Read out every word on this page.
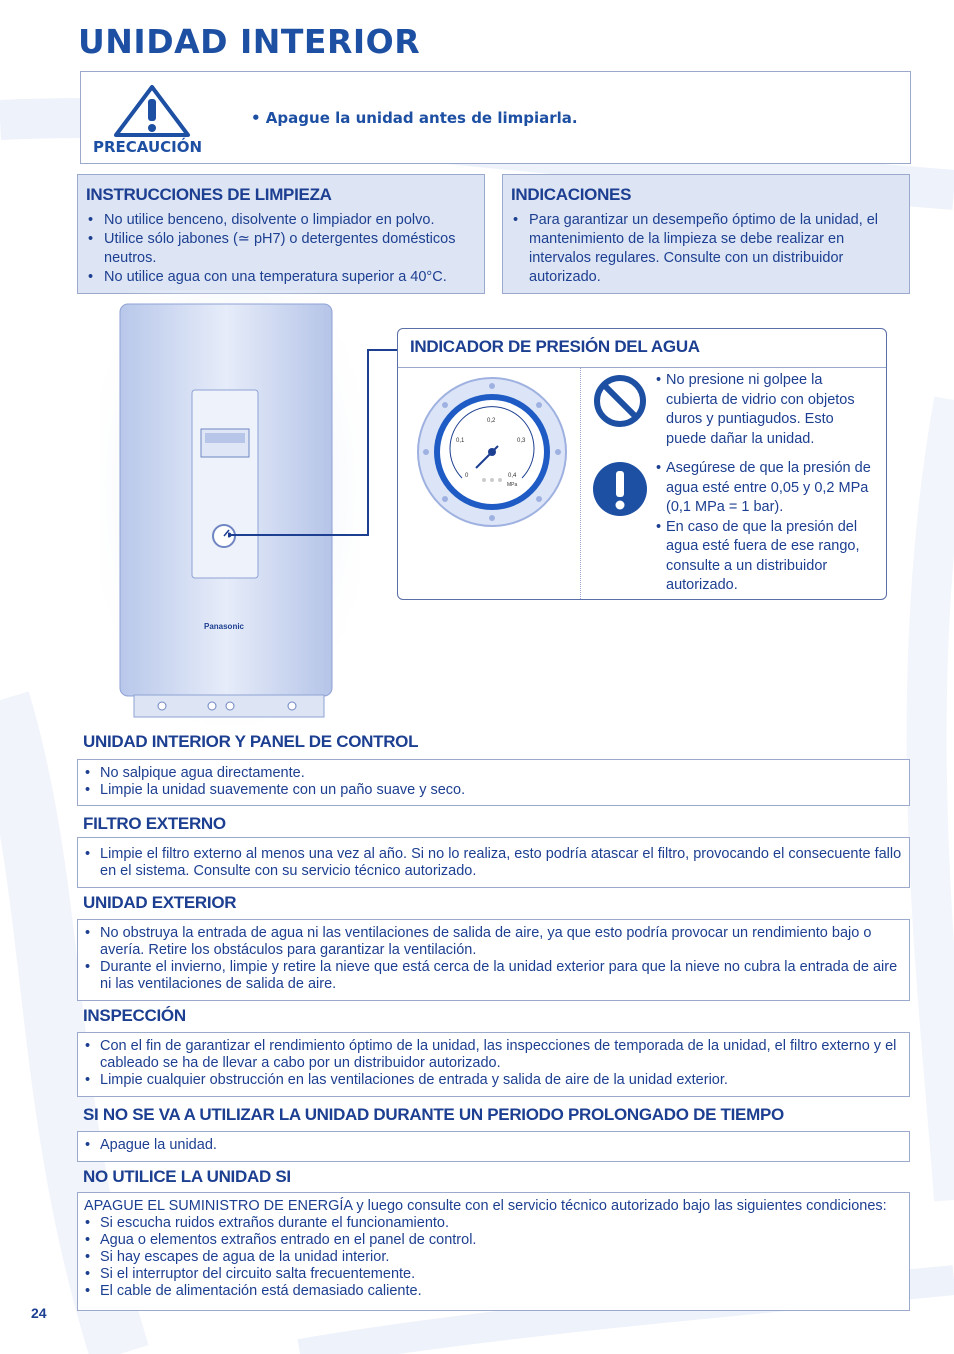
UNIDAD INTERIOR
PRECAUCIÓN
• Apague la unidad antes de limpiarla.
INSTRUCCIONES DE LIMPIEZA
• No utilice benceno, disolvente o limpiador en polvo.
• Utilice sólo jabones (≃ pH7) o detergentes domésticos neutros.
• No utilice agua con una temperatura superior a 40°C.
INDICACIONES
• Para garantizar un desempeño óptimo de la unidad, el mantenimiento de la limpieza se debe realizar en intervalos regulares. Consulte con un distribuidor autorizado.
Panasonic
INDICADOR DE PRESIÓN DEL AGUA
0
0,1
0,2
0,3
0,4
MPa
• No presione ni golpee la cubierta de vidrio con objetos duros y puntiagudos. Esto puede dañar la unidad.
• Asegúrese de que la presión de agua esté entre 0,05 y 0,2 MPa (0,1 MPa = 1 bar).
• En caso de que la presión del agua esté fuera de ese rango, consulte a un distribuidor autorizado.
UNIDAD INTERIOR Y PANEL DE CONTROL
• No salpique agua directamente.
• Limpie la unidad suavemente con un paño suave y seco.
FILTRO EXTERNO
• Limpie el filtro externo al menos una vez al año. Si no lo realiza, esto podría atascar el filtro, provocando el consecuente fallo en el sistema. Consulte con su servicio técnico autorizado.
UNIDAD EXTERIOR
• No obstruya la entrada de agua ni las ventilaciones de salida de aire, ya que esto podría provocar un rendimiento bajo o avería. Retire los obstáculos para garantizar la ventilación.
• Durante el invierno, limpie y retire la nieve que está cerca de la unidad exterior para que la nieve no cubra la entrada de aire ni las ventilaciones de salida de aire.
INSPECCIÓN
• Con el fin de garantizar el rendimiento óptimo de la unidad, las inspecciones de temporada de la unidad, el filtro externo y el cableado se ha de llevar a cabo por un distribuidor autorizado.
• Limpie cualquier obstrucción en las ventilaciones de entrada y salida de aire de la unidad exterior.
SI NO SE VA A UTILIZAR LA UNIDAD DURANTE UN PERIODO PROLONGADO DE TIEMPO
• Apague la unidad.
NO UTILICE LA UNIDAD SI
APAGUE EL SUMINISTRO DE ENERGÍA y luego consulte con el servicio técnico autorizado bajo las siguientes condiciones:
• Si escucha ruidos extraños durante el funcionamiento.
• Agua o elementos extraños entrado en el panel de control.
• Si hay escapes de agua de la unidad interior.
• Si el interruptor del circuito salta frecuentemente.
• El cable de alimentación está demasiado caliente.
24
